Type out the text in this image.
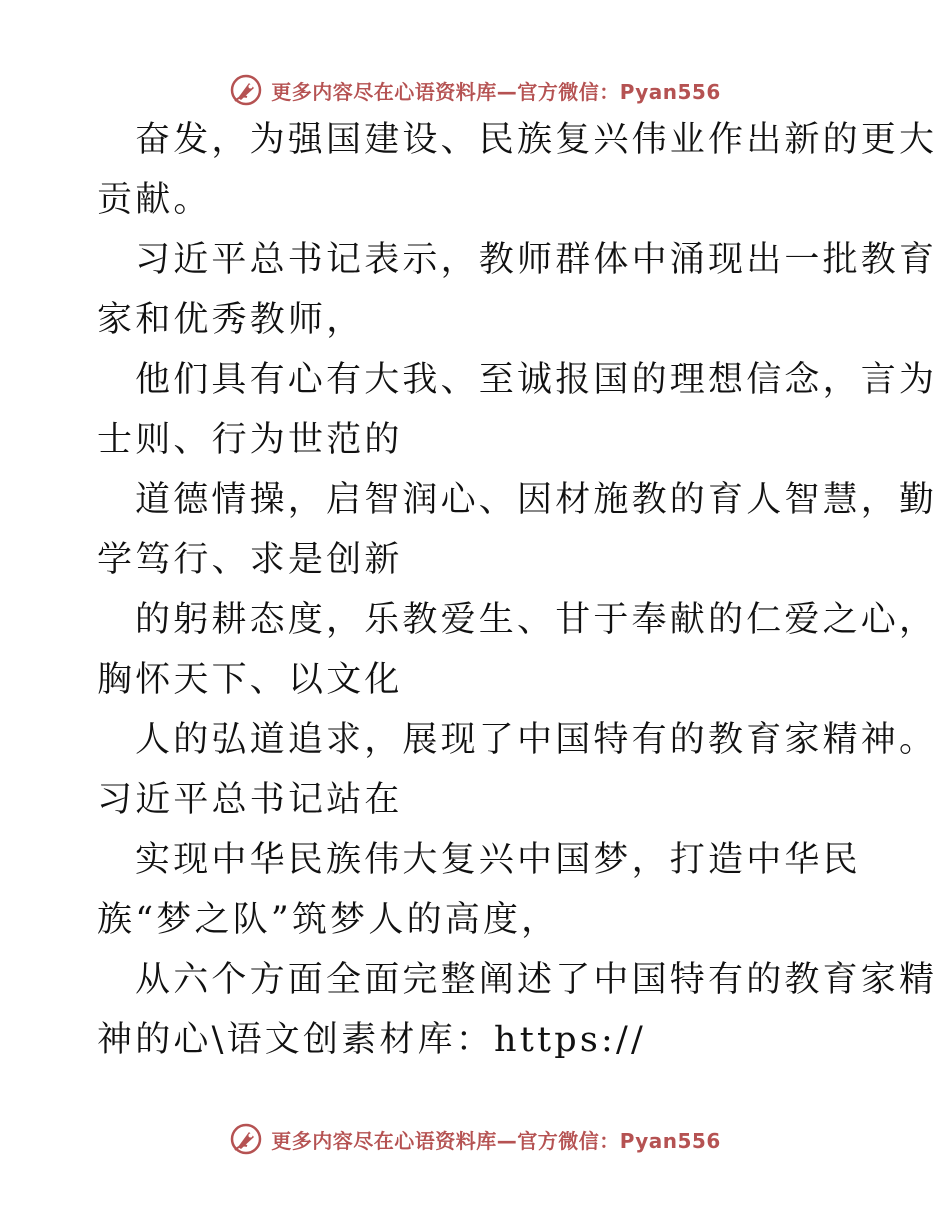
更多内容尽在心语资料库—官方微信：Pyan556
奋发，为强国建设、民族复兴伟业作出新的更大
贡献。
习近平总书记表示，教师群体中涌现出一批教育
家和优秀教师，
他们具有心有大我、至诚报国的理想信念，言为
士则、行为世范的
道德情操，启智润心、因材施教的育人智慧，勤
学笃行、求是创新
的躬耕态度，乐教爱生、甘于奉献的仁爱之心，
胸怀天下、以文化
人的弘道追求，展现了中国特有的教育家精神。
习近平总书记站在
实现中华民族伟大复兴中国梦，打造中华民
族“梦之队”筑梦人的高度，
从六个方面全面完整阐述了中国特有的教育家精
神的心\语文创素材库：https://
更多内容尽在心语资料库—官方微信：Pyan556
